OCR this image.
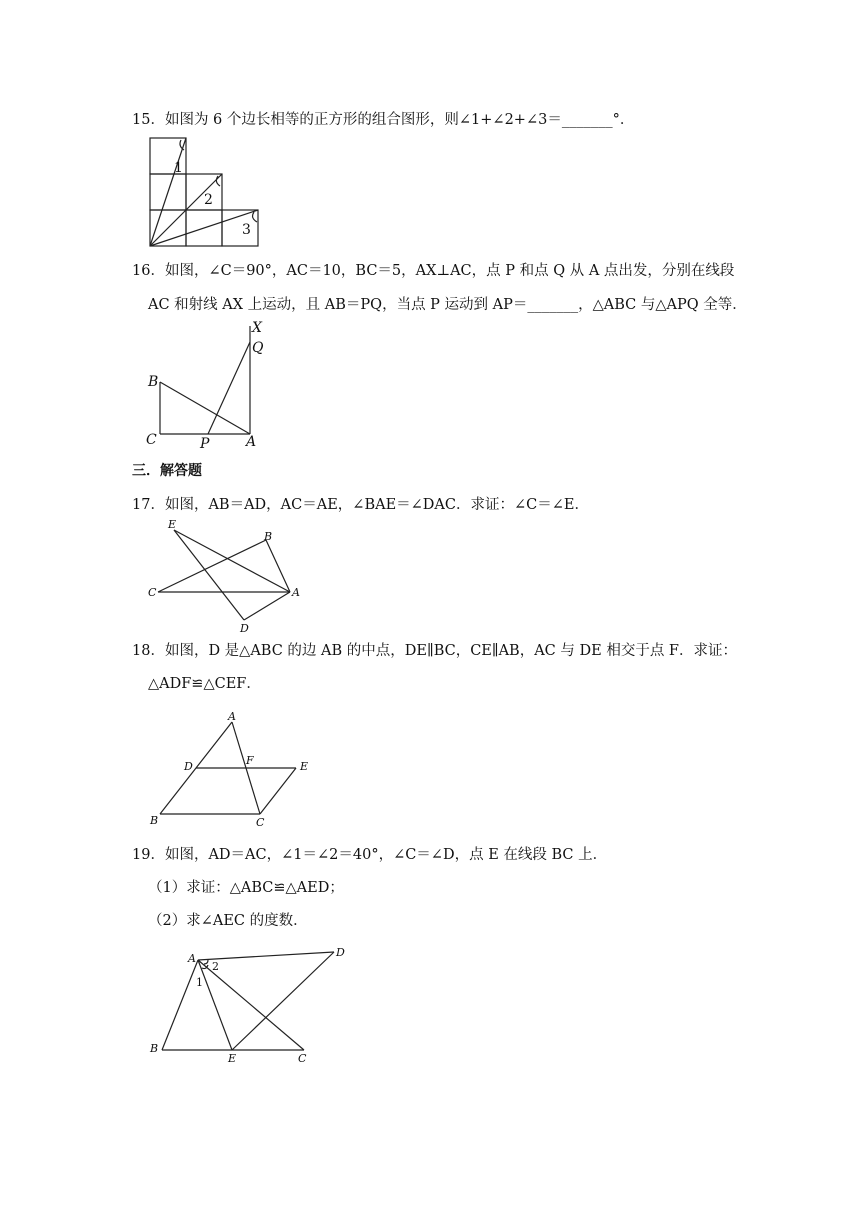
15．如图为 6 个边长相等的正方形的组合图形，则∠1+∠2+∠3＝_______°．
1
2
3
16．如图，∠C＝90°，AC＝10，BC＝5，AX⊥AC，点 P 和点 Q 从 A 点出发，分别在线段
AC 和射线 AX 上运动，且 AB＝PQ，当点 P 运动到 AP＝_______，△ABC 与△APQ 全等．
X
Q
B
C	P	A
三．解答题
17．如图，AB＝AD，AC＝AE，∠BAE＝∠DAC．求证：∠C＝∠E．
E
B
C	A
D
18．如图，D 是△ABC 的边 AB 的中点，DE∥BC，CE∥AB，AC 与 DE 相交于点 F．求证：
△ADF≌△CEF．
A
D	F	E
B	C
19．如图，AD＝AC，∠1＝∠2＝40°，∠C＝∠D，点 E 在线段 BC 上．
（1）求证：△ABC≌△AED；
（2）求∠AEC 的度数．
A
2
D
1
B
E	C
